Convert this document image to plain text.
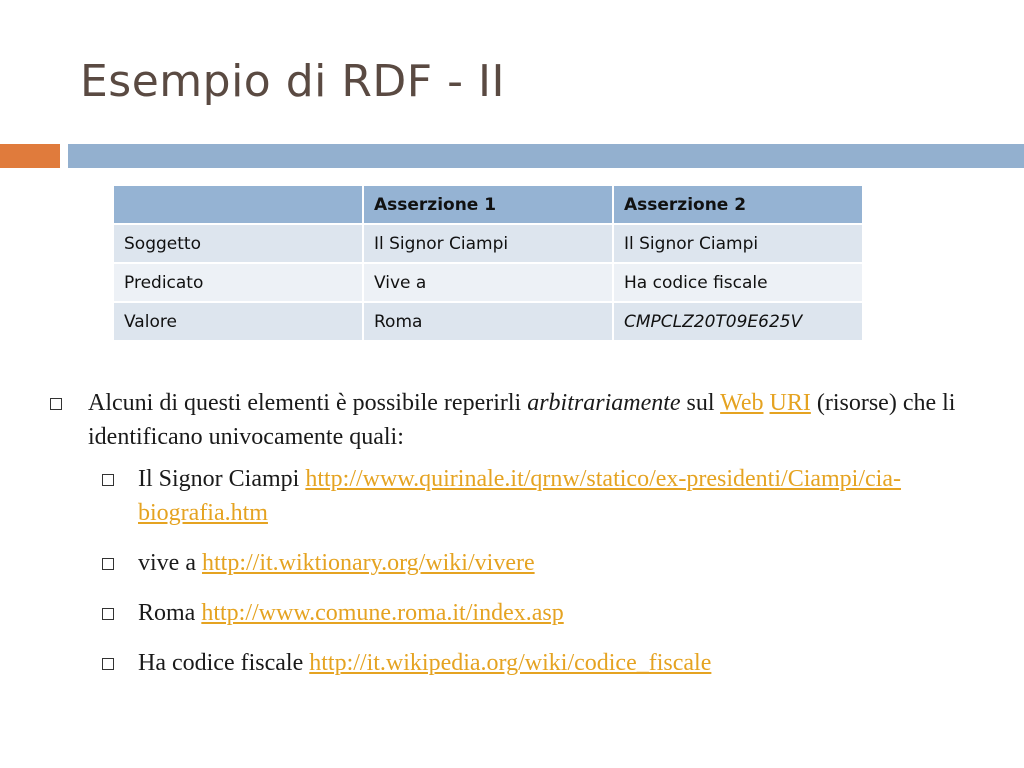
Esempio di RDF - II
	Asserzione 1	Asserzione 2
Soggetto	Il Signor Ciampi	Il Signor Ciampi
Predicato	Vive a	Ha codice fiscale
Valore	Roma	CMPCLZ20T09E625V
Alcuni di questi elementi è possibile reperirli arbitrariamente sul Web URI (risorse) che li identificano univocamente quali:
Il Signor Ciampi http://www.quirinale.it/qrnw/statico/ex-presidenti/Ciampi/cia-biografia.htm
vive a http://it.wiktionary.org/wiki/vivere
Roma http://www.comune.roma.it/index.asp
Ha codice fiscale http://it.wikipedia.org/wiki/codice_fiscale
